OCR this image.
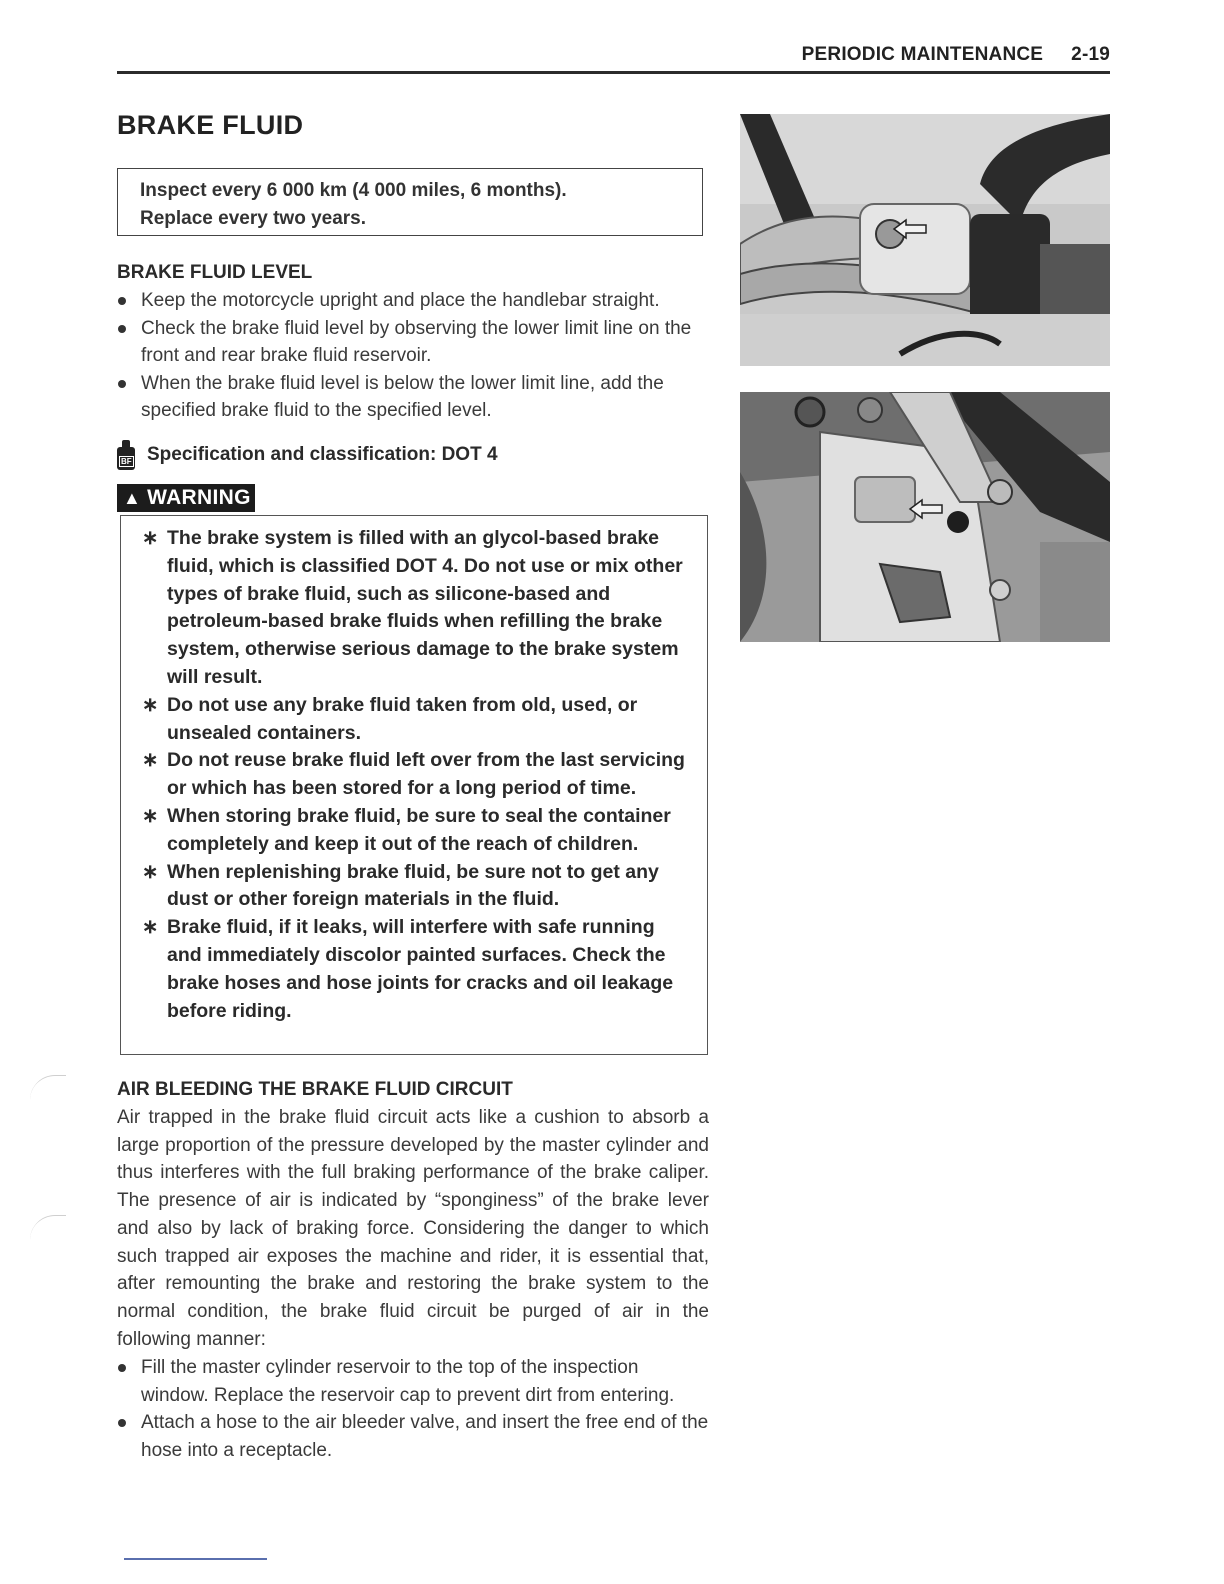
PERIODIC MAINTENANCE 2-19
BRAKE FLUID
Inspect every 6 000 km (4 000 miles, 6 months).
Replace every two years.
BRAKE FLUID LEVEL
Keep the motorcycle upright and place the handlebar straight.
Check the brake fluid level by observing the lower limit line on the front and rear brake fluid reservoir.
When the brake fluid level is below the lower limit line, add the specified brake fluid to the specified level.
BF Specification and classification: DOT 4
▲ WARNING
∗ The brake system is filled with an glycol-based brake fluid, which is classified DOT 4. Do not use or mix other types of brake fluid, such as silicone-based and petroleum-based brake fluids when refilling the brake system, otherwise serious damage to the brake system will result.
∗ Do not use any brake fluid taken from old, used, or unsealed containers.
∗ Do not reuse brake fluid left over from the last servicing or which has been stored for a long period of time.
∗ When storing brake fluid, be sure to seal the container completely and keep it out of the reach of children.
∗ When replenishing brake fluid, be sure not to get any dust or other foreign materials in the fluid.
∗ Brake fluid, if it leaks, will interfere with safe running and immediately discolor painted surfaces. Check the brake hoses and hose joints for cracks and oil leakage before riding.
AIR BLEEDING THE BRAKE FLUID CIRCUIT

Air trapped in the brake fluid circuit acts like a cushion to absorb a large proportion of the pressure developed by the master cylinder and thus interferes with the full braking performance of the brake caliper. The presence of air is indicated by “sponginess” of the brake lever and also by lack of braking force. Considering the danger to which such trapped air exposes the machine and rider, it is essential that, after remounting the brake and restoring the brake system to the normal condition, the brake fluid circuit be purged of air in the following manner:

Fill the master cylinder reservoir to the top of the inspection window. Replace the reservoir cap to prevent dirt from entering.
Attach a hose to the air bleeder valve, and insert the free end of the hose into a receptacle.
